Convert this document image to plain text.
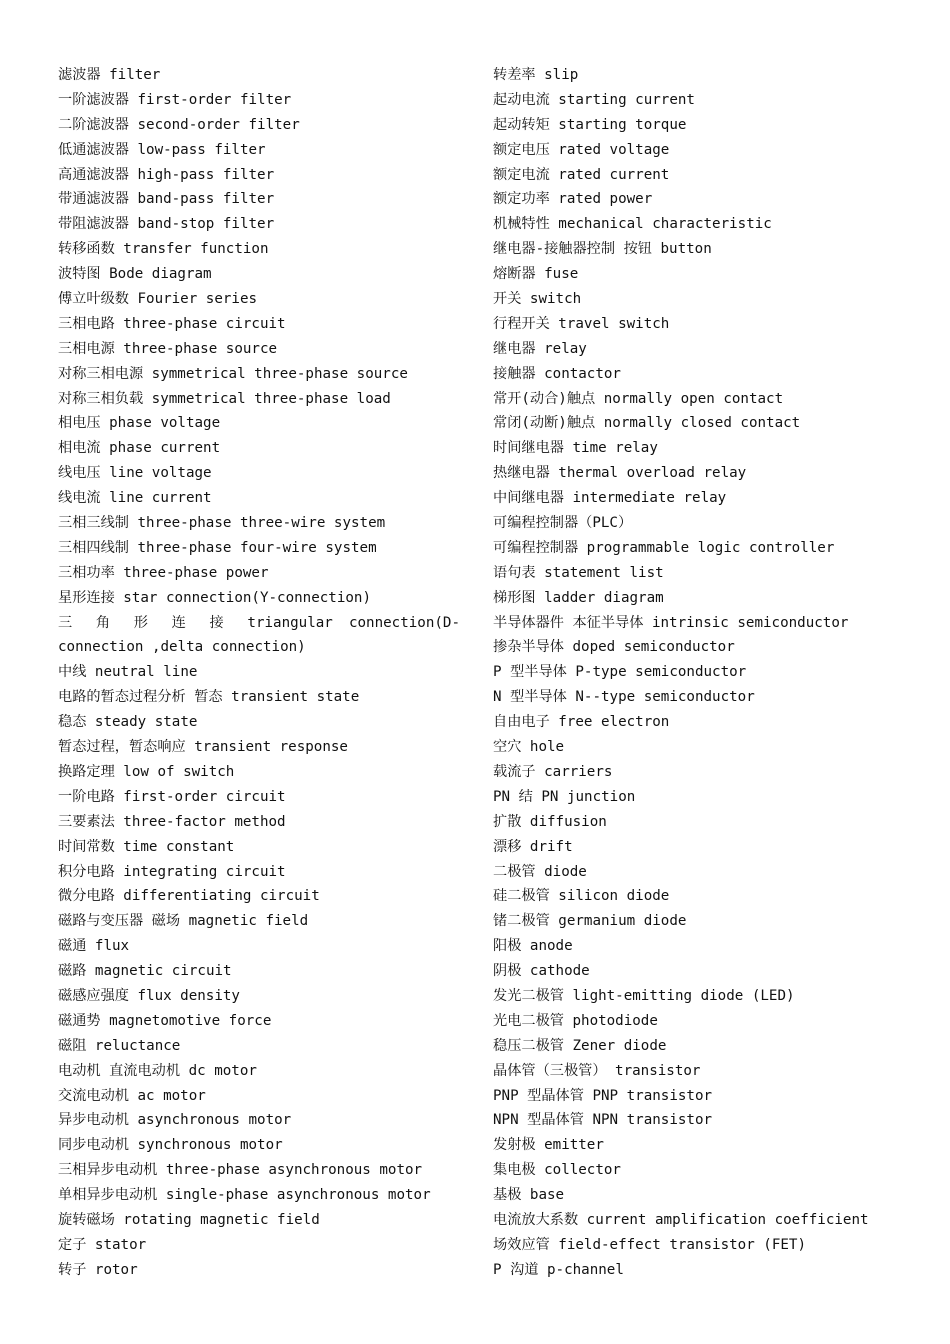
滤波器 filter
一阶滤波器 first-order filter
二阶滤波器 second-order filter
低通滤波器 low-pass filter
高通滤波器 high-pass filter
带通滤波器 band-pass filter
带阻滤波器 band-stop filter
转移函数 transfer function
波特图 Bode diagram
傅立叶级数 Fourier series
三相电路 three-phase circuit
三相电源 three-phase source
对称三相电源 symmetrical three-phase source
对称三相负载 symmetrical three-phase load
相电压 phase voltage
相电流 phase current
线电压 line voltage
线电流 line current
三相三线制 three-phase three-wire system
三相四线制 three-phase four-wire system
三相功率 three-phase power
星形连接 star connection(Y-connection)
三 角 形 连 接 triangular connection(D-
connection ,delta connection)
中线 neutral line
电路的暂态过程分析 暂态 transient state
稳态 steady state
暂态过程，暂态响应 transient response
换路定理 low of switch
一阶电路 first-order circuit
三要素法 three-factor method
时间常数 time constant
积分电路 integrating circuit
微分电路 differentiating circuit
磁路与变压器 磁场 magnetic field
磁通 flux
磁路 magnetic circuit
磁感应强度 flux density
磁通势 magnetomotive force
磁阻 reluctance
电动机 直流电动机 dc motor
交流电动机 ac motor
异步电动机 asynchronous motor
同步电动机 synchronous motor
三相异步电动机 three-phase asynchronous motor
单相异步电动机 single-phase asynchronous motor
旋转磁场 rotating magnetic field
定子 stator
转子 rotor
转差率 slip
起动电流 starting current
起动转矩 starting torque
额定电压 rated voltage
额定电流 rated current
额定功率 rated power
机械特性 mechanical characteristic
继电器-接触器控制 按钮 button
熔断器 fuse
开关 switch
行程开关 travel switch
继电器 relay
接触器 contactor
常开(动合)触点 normally open contact
常闭(动断)触点 normally closed contact
时间继电器 time relay
热继电器 thermal overload relay
中间继电器 intermediate relay
可编程控制器（PLC）
可编程控制器 programmable logic controller
语句表 statement list
梯形图 ladder diagram
半导体器件 本征半导体 intrinsic semiconductor
掺杂半导体 doped semiconductor
P 型半导体 P-type semiconductor
N 型半导体 N--type semiconductor
自由电子 free electron
空穴 hole
载流子 carriers
PN 结 PN junction
扩散 diffusion
漂移 drift
二极管 diode
硅二极管 silicon diode
锗二极管 germanium diode
阳极 anode
阴极 cathode
发光二极管 light-emitting diode (LED)
光电二极管 photodiode
稳压二极管 Zener diode
晶体管（三极管） transistor
PNP 型晶体管 PNP transistor
NPN 型晶体管 NPN transistor
发射极 emitter
集电极 collector
基极 base
电流放大系数 current amplification coefficient
场效应管 field-effect transistor (FET)
P 沟道 p-channel
